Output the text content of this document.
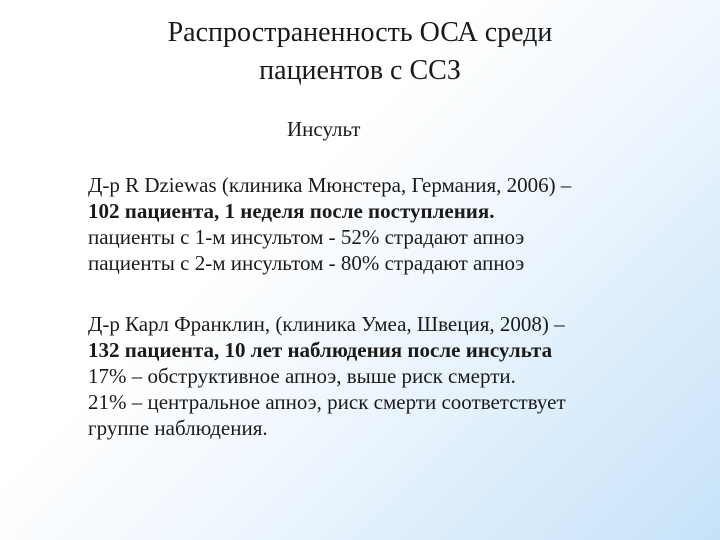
Распространенность ОСА среди
пациентов с ССЗ
Инсульт
Д-р R Dziewas (клиника Мюнстера, Германия, 2006) –
102 пациента, 1 неделя после поступления.
пациенты с 1-м инсультом - 52% страдают апноэ
пациенты с 2-м инсультом - 80% страдают апноэ
Д-р Карл Франклин, (клиника Умеа, Швеция, 2008) –
132 пациента, 10 лет наблюдения после инсульта
17% – обструктивное апноэ, выше риск смерти.
21% – центральное апноэ, риск смерти соответствует
группе наблюдения.
